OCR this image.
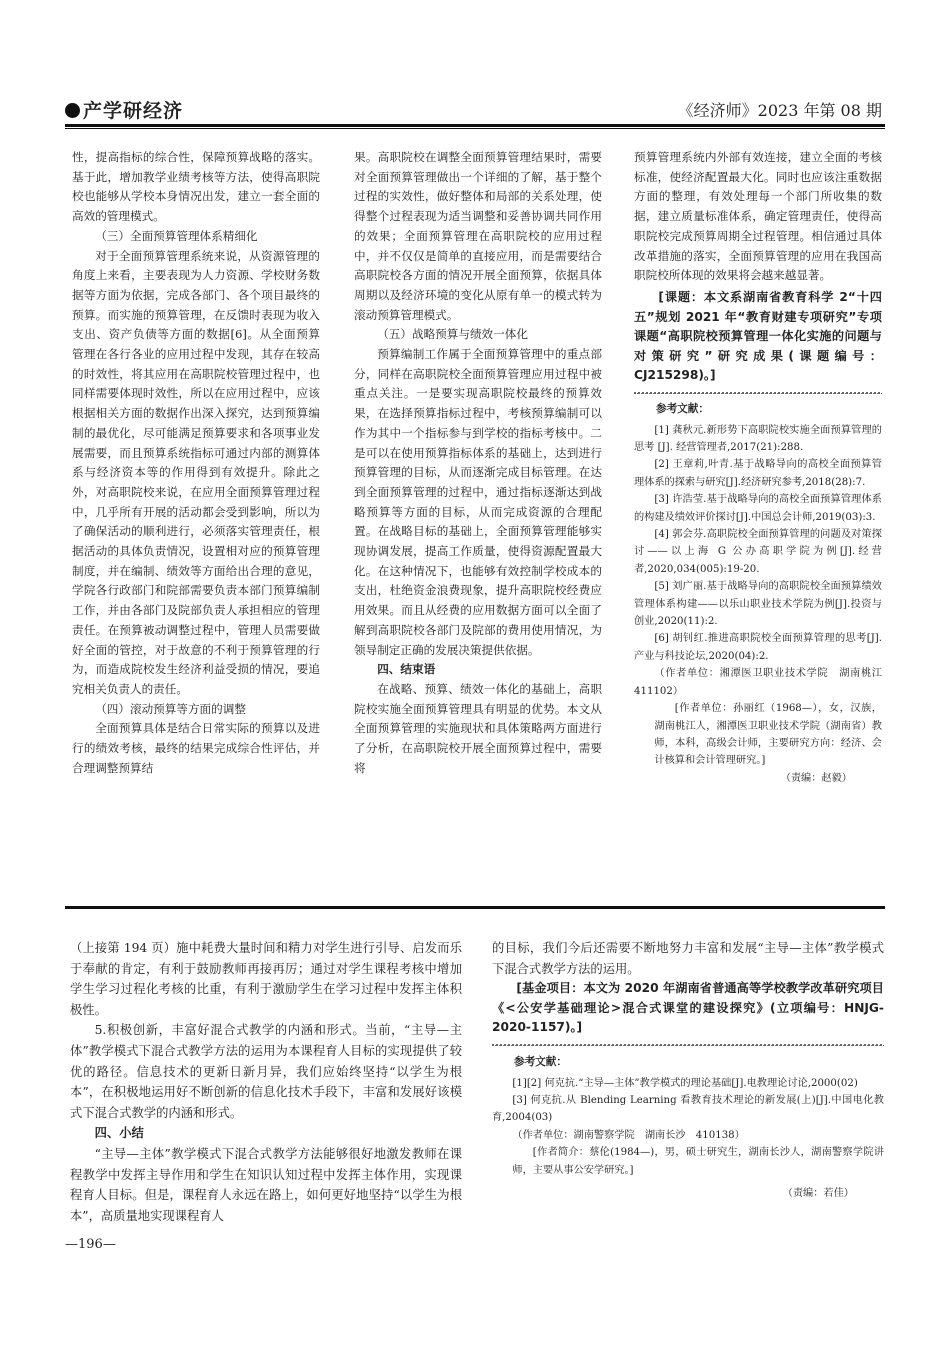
产学研经济	《经济师》2023 年第 08 期

性，提高指标的综合性，保障预算战略的落实。基于此，增加教学业绩考核等方法，使得高职院校也能够从学校本身情况出发，建立一套全面的高效的管理模式。

（三）全面预算管理体系精细化

对于全面预算管理系统来说，从资源管理的角度上来看，主要表现为人力资源、学校财务数据等方面为依据，完成各部门、各个项目最终的预算。而实施的预算管理，在反馈时表现为收入支出、资产负债等方面的数据[6]。从全面预算管理在各行各业的应用过程中发现，其存在较高的时效性，将其应用在高职院校管理过程中，也同样需要体现时效性，所以在应用过程中，应该根据相关方面的数据作出深入探究，达到预算编制的最优化，尽可能满足预算要求和各项事业发展需要，而且预算系统指标可通过内部的测算体系与经济资本等的作用得到有效提升。除此之外，对高职院校来说，在应用全面预算管理过程中，几乎所有开展的活动都会受到影响，所以为了确保活动的顺利进行，必须落实管理责任，根据活动的具体负责情况，设置相对应的预算管理制度，并在编制、绩效等方面给出合理的意见，学院各行政部门和院部需要负责本部门预算编制工作，并由各部门及院部负责人承担相应的管理责任。在预算被动调整过程中，管理人员需要做好全面的管控，对于故意的不利于预算管理的行为，而造成院校发生经济利益受损的情况，要追究相关负责人的责任。

（四）滚动预算等方面的调整

全面预算具体是结合日常实际的预算以及进行的绩效考核，最终的结果完成综合性评估，并合理调整预算结

果。高职院校在调整全面预算管理结果时，需要对全面预算管理做出一个详细的了解，基于整个过程的实效性，做好整体和局部的关系处理，使得整个过程表现为适当调整和妥善协调共同作用的效果；全面预算管理在高职院校的应用过程中，并不仅仅是简单的直接应用，而是需要结合高职院校各方面的情况开展全面预算，依据具体周期以及经济环境的变化从原有单一的模式转为滚动预算管理模式。

（五）战略预算与绩效一体化

预算编制工作属于全面预算管理中的重点部分，同样在高职院校全面预算管理应用过程中被重点关注。一是要实现高职院校最终的预算效果，在选择预算指标过程中，考核预算编制可以作为其中一个指标参与到学校的指标考核中。二是可以在使用预算指标体系的基础上，达到进行预算管理的目标，从而逐渐完成目标管理。在达到全面预算管理的过程中，通过指标逐渐达到战略预算等方面的目标，从而完成资源的合理配置。在战略目标的基础上，全面预算管理能够实现协调发展，提高工作质量，使得资源配置最大化。在这种情况下，也能够有效控制学校成本的支出，杜绝资金浪费现象，提升高职院校经费应用效果。而且从经费的应用数据方面可以全面了解到高职院校各部门及院部的费用使用情况，为领导制定正确的发展决策提供依据。

四、结束语

在战略、预算、绩效一体化的基础上，高职院校实施全面预算管理具有明显的优势。本文从全面预算管理的实施现状和具体策略两方面进行了分析，在高职院校开展全面预算过程中，需要将

预算管理系统内外部有效连接，建立全面的考核标准，使经济配置最大化。同时也应该注重数据方面的整理，有效处理每一个部门所收集的数据，建立质量标准体系，确定管理责任，使得高职院校完成预算周期全过程管理。相信通过具体改革措施的落实，全面预算管理的应用在我国高职院校所体现的效果将会越来越显著。

[课题：本文系湖南省教育科学 2“十四五”规划 2021 年“教育财建专项研究”专项课题“高职院校预算管理一体化实施的问题与对策研究”研究成果(课题编号：CJ215298)。]
参考文献：

[1] 龚秋元.新形势下高职院校实施全面预算管理的思考 [J]. 经营管理者,2017(21):288.

[2] 王章莉,叶青.基于战略导向的高校全面预算管理体系的探索与研究[J].经济研究参考,2018(28):7.

[3] 许浩莹.基于战略导向的高校全面预算管理体系的构建及绩效评价探讨[J].中国总会计师,2019(03):3.

[4] 郭会芬.高职院校全面预算管理的问题及对策探讨——以上海 G 公办高职学院为例[J].经营者,2020,034(005):19-20.

[5] 刘广丽.基于战略导向的高职院校全面预算绩效管理体系构建——以乐山职业技术学院为例[J].投资与创业,2020(11):2.

[6] 胡钊红.推进高职院校全面预算管理的思考[J].产业与科技论坛,2020(04):2.

（作者单位：湘潭医卫职业技术学院　湖南桃江　411102）

[作者单位：孙丽红（1968—），女，汉族，湖南桃江人，湘潭医卫职业技术学院（湖南省）教师，本科，高级会计师，主要研究方向：经济、会计核算和会计管理研究。]

（责编：赵毅）

（上接第 194 页）施中耗费大量时间和精力对学生进行引导、启发而乐于奉献的肯定，有利于鼓励教师再接再厉；通过对学生课程考核中增加学生学习过程化考核的比重，有利于激励学生在学习过程中发挥主体积极性。

5.积极创新，丰富好混合式教学的内涵和形式。当前，“主导—主体”教学模式下混合式教学方法的运用为本课程育人目标的实现提供了较优的路径。信息技术的更新日新月异，我们应始终坚持“以学生为根本”，在积极地运用好不断创新的信息化技术手段下，丰富和发展好该模式下混合式教学的内涵和形式。

四、小结

“主导—主体”教学模式下混合式教学方法能够很好地激发教师在课程教学中发挥主导作用和学生在知识认知过程中发挥主体作用，实现课程育人目标。但是，课程育人永远在路上，如何更好地坚持“以学生为根本”，高质量地实现课程育人

的目标，我们今后还需要不断地努力丰富和发展“主导—主体”教学模式下混合式教学方法的运用。

[基金项目：本文为 2020 年湖南省普通高等学校教学改革研究项目《<公安学基础理论>混合式课堂的建设探究》(立项编号：HNJG-2020-1157)。]
参考文献：

[1][2] 何克抗.“主导—主体”教学模式的理论基础[J].电教理论讨论,2000(02)

[3] 何克抗.从 Blending Learning 看教育技术理论的新发展(上)[J].中国电化教育,2004(03)

（作者单位：湖南警察学院　湖南长沙　410138）

[作者简介：蔡伦(1984—)，男，硕士研究生，湖南长沙人，湖南警察学院讲师，主要从事公安学研究。]

（责编：若佳）

—196—
